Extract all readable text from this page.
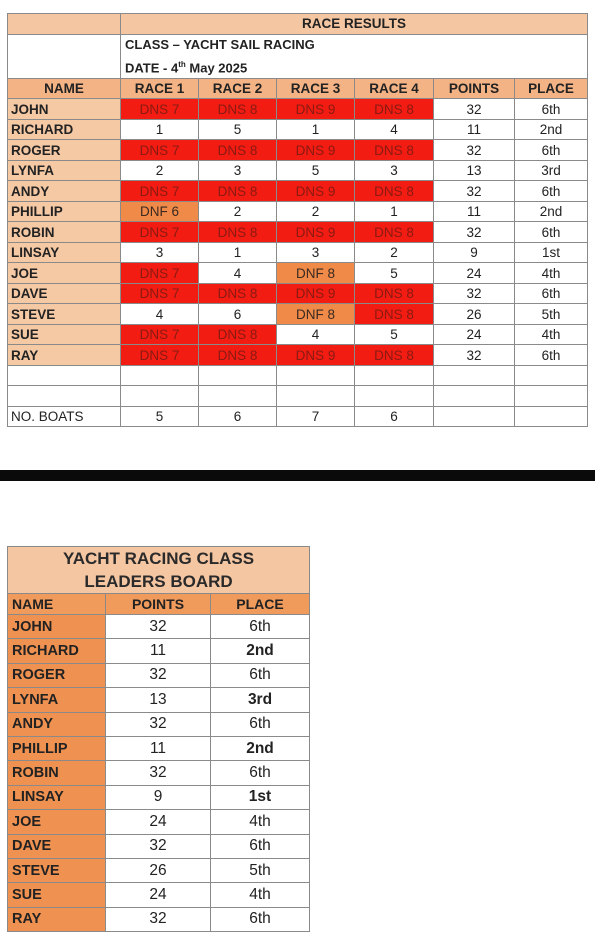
	RACE RESULTS					

	CLASS – YACHT SAIL RACING
DATE - 4th May 2025					

NAME	RACE 1	RACE 2	RACE 3	RACE 4	POINTS	PLACE
JOHN	DNS 7	DNS 8	DNS 9	DNS 8	32	6th
RICHARD	1	5	1	4	11	2nd
ROGER	DNS 7	DNS 8	DNS 9	DNS 8	32	6th
LYNFA	2	3	5	3	13	3rd
ANDY	DNS 7	DNS 8	DNS 9	DNS 8	32	6th
PHILLIP	DNF 6	2	2	1	11	2nd
ROBIN	DNS 7	DNS 8	DNS 9	DNS 8	32	6th
LINSAY	3	1	3	2	9	1st
JOE	DNS 7	4	DNF 8	5	24	4th
DAVE	DNS 7	DNS 8	DNS 9	DNS 8	32	6th
STEVE	4	6	DNF 8	DNS 8	26	5th
SUE	DNS 7	DNS 8	4	5	24	4th
RAY	DNS 7	DNS 8	DNS 9	DNS 8	32	6th

NO. BOATS	5	6	7	6		
YACHT RACING CLASS
LEADERS BOARD		

NAME	POINTS	PLACE
JOHN	32	6th
RICHARD	11	2nd
ROGER	32	6th
LYNFA	13	3rd
ANDY	32	6th
PHILLIP	11	2nd
ROBIN	32	6th
LINSAY	9	1st
JOE	24	4th
DAVE	32	6th
STEVE	26	5th
SUE	24	4th
RAY	32	6th
